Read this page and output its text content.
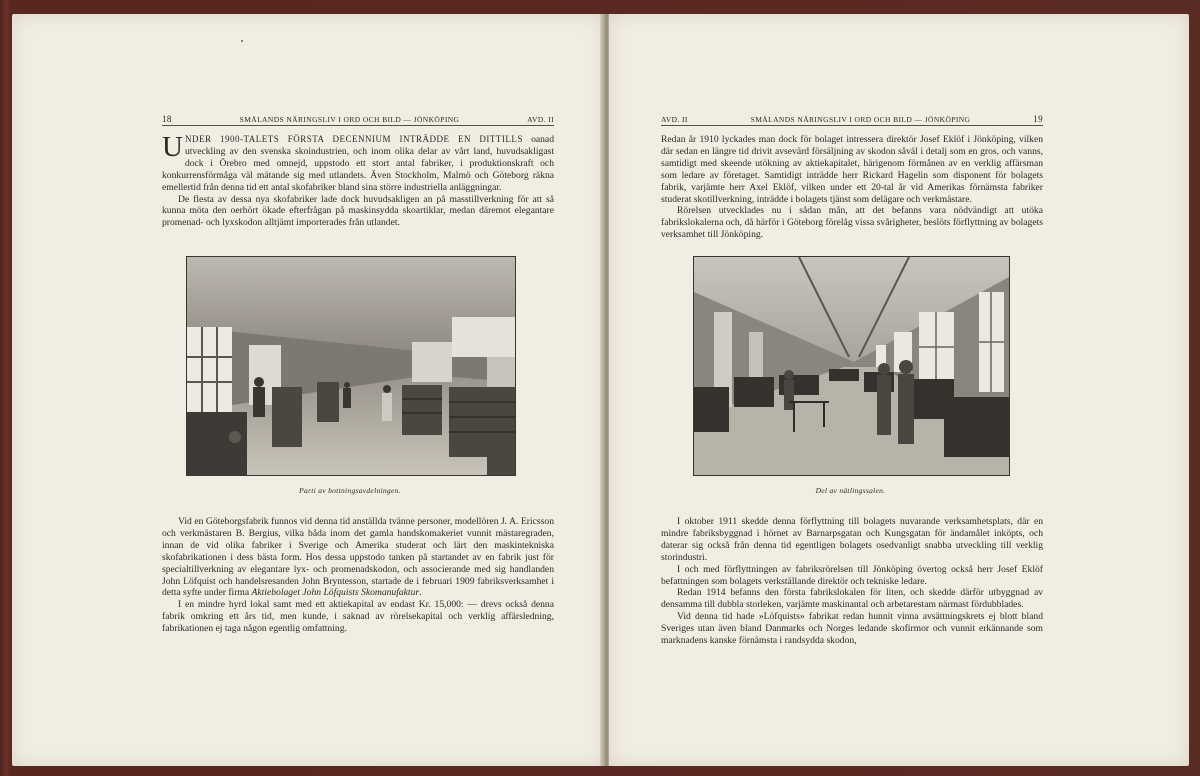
18	SMÅLANDS NÄRINGSLIV I ORD OCH BILD — JÖNKÖPING	AVD. II

UNDER 1900-TALETS FÖRSTA DECENNIUM INTRÄDDE EN DITTILLS oanad utveckling av den svenska skoindustrien, och inom olika delar av vårt land, huvudsakligast dock i Örebro med omnejd, uppstodo ett stort antal fabriker, i produktionskraft och konkurrensförmåga väl mätande sig med utlandets. Även Stockholm, Malmö och Göteborg räkna emellertid från denna tid ett antal skofabriker bland sina större industriella anläggningar.

De flesta av dessa nya skofabriker lade dock huvudsakligen an på masstillverkning för att så kunna möta den oerhört ökade efterfrågan på maskinsydda skoartiklar, medan däremot elegantare promenad- och lyxskodon alltjämt importerades från utlandet.

Parti av bottningsavdelningen.

Vid en Göteborgsfabrik funnos vid denna tid anställda tvänne personer, modellören J. A. Ericsson och verkmästaren B. Bergius, vilka båda inom det gamla handskomakeriet vunnit mästaregraden, innan de vid olika fabriker i Sverige och Amerika studerat och lärt den maskintekniska skofabrikationen i dess bästa form. Hos dessa uppstodo tanken på startandet av en fabrik just för specialtillverkning av elegantare lyx- och promenadskodon, och associerande med sig handlanden John Löfquist och handelsresanden John Bryntesson, startade de i februari 1909 fabriksverksamhet i detta syfte under firma Aktiebolaget John Löfquists Skomanufaktur.

I en mindre hyrd lokal samt med ett aktiekapital av endast Kr. 15,000: — drevs också denna fabrik omkring ett års tid, men kunde, i saknad av rörelsekapital och verklig affärsledning, fabrikationen ej taga någon egentlig omfattning.

AVD. II	SMÅLANDS NÄRINGSLIV I ORD OCH BILD — JÖNKÖPING	19

Redan år 1910 lyckades man dock för bolaget intressera direktör Josef Eklöf i Jönköping, vilken där sedan en längre tid drivit avsevärd försäljning av skodon såväl i detalj som en gros, och vanns, samtidigt med skeende utökning av aktiekapitalet, härigenom förmånen av en verklig affärsman som ledare av företaget. Samtidigt inträdde herr Rickard Hagelin som disponent för bolagets fabrik, varjämte herr Axel Eklöf, vilken under ett 20-tal år vid Amerikas förnämsta fabriker studerat skotillverkning, inträdde i bolagets tjänst som delägare och verkmästare.

Rörelsen utvecklades nu i sådan mån, att det befanns vara nödvändigt att utöka fabrikslokalerna och, då härför i Göteborg förelåg vissa svårigheter, beslöts förflyttning av bolagets verksamhet till Jönköping.

Del av nätlingssalen.

I oktober 1911 skedde denna förflyttning till bolagets nuvarande verksamhetsplats, där en mindre fabriksbyggnad i hörnet av Barnarpsgatan och Kungsgatan för ändamålet inköpts, och daterar sig också från denna tid egentligen bolagets osedvanligt snabba utveckling till verklig storindustri.

I och med förflyttningen av fabriksrörelsen till Jönköping övertog också herr Josef Eklöf befattningen som bolagets verkställande direktör och tekniske ledare.

Redan 1914 befanns den första fabrikslokalen för liten, och skedde därför utbyggnad av densamma till dubbla storleken, varjämte maskinantal och arbetarestam närmast fördubblades.

Vid denna tid hade »Löfquists» fabrikat redan hunnit vinna avsättningskrets ej blott bland Sveriges utan även bland Danmarks och Norges ledande skofirmor och vunnit erkännande som marknadens kanske förnämsta i randsydda skodon,
